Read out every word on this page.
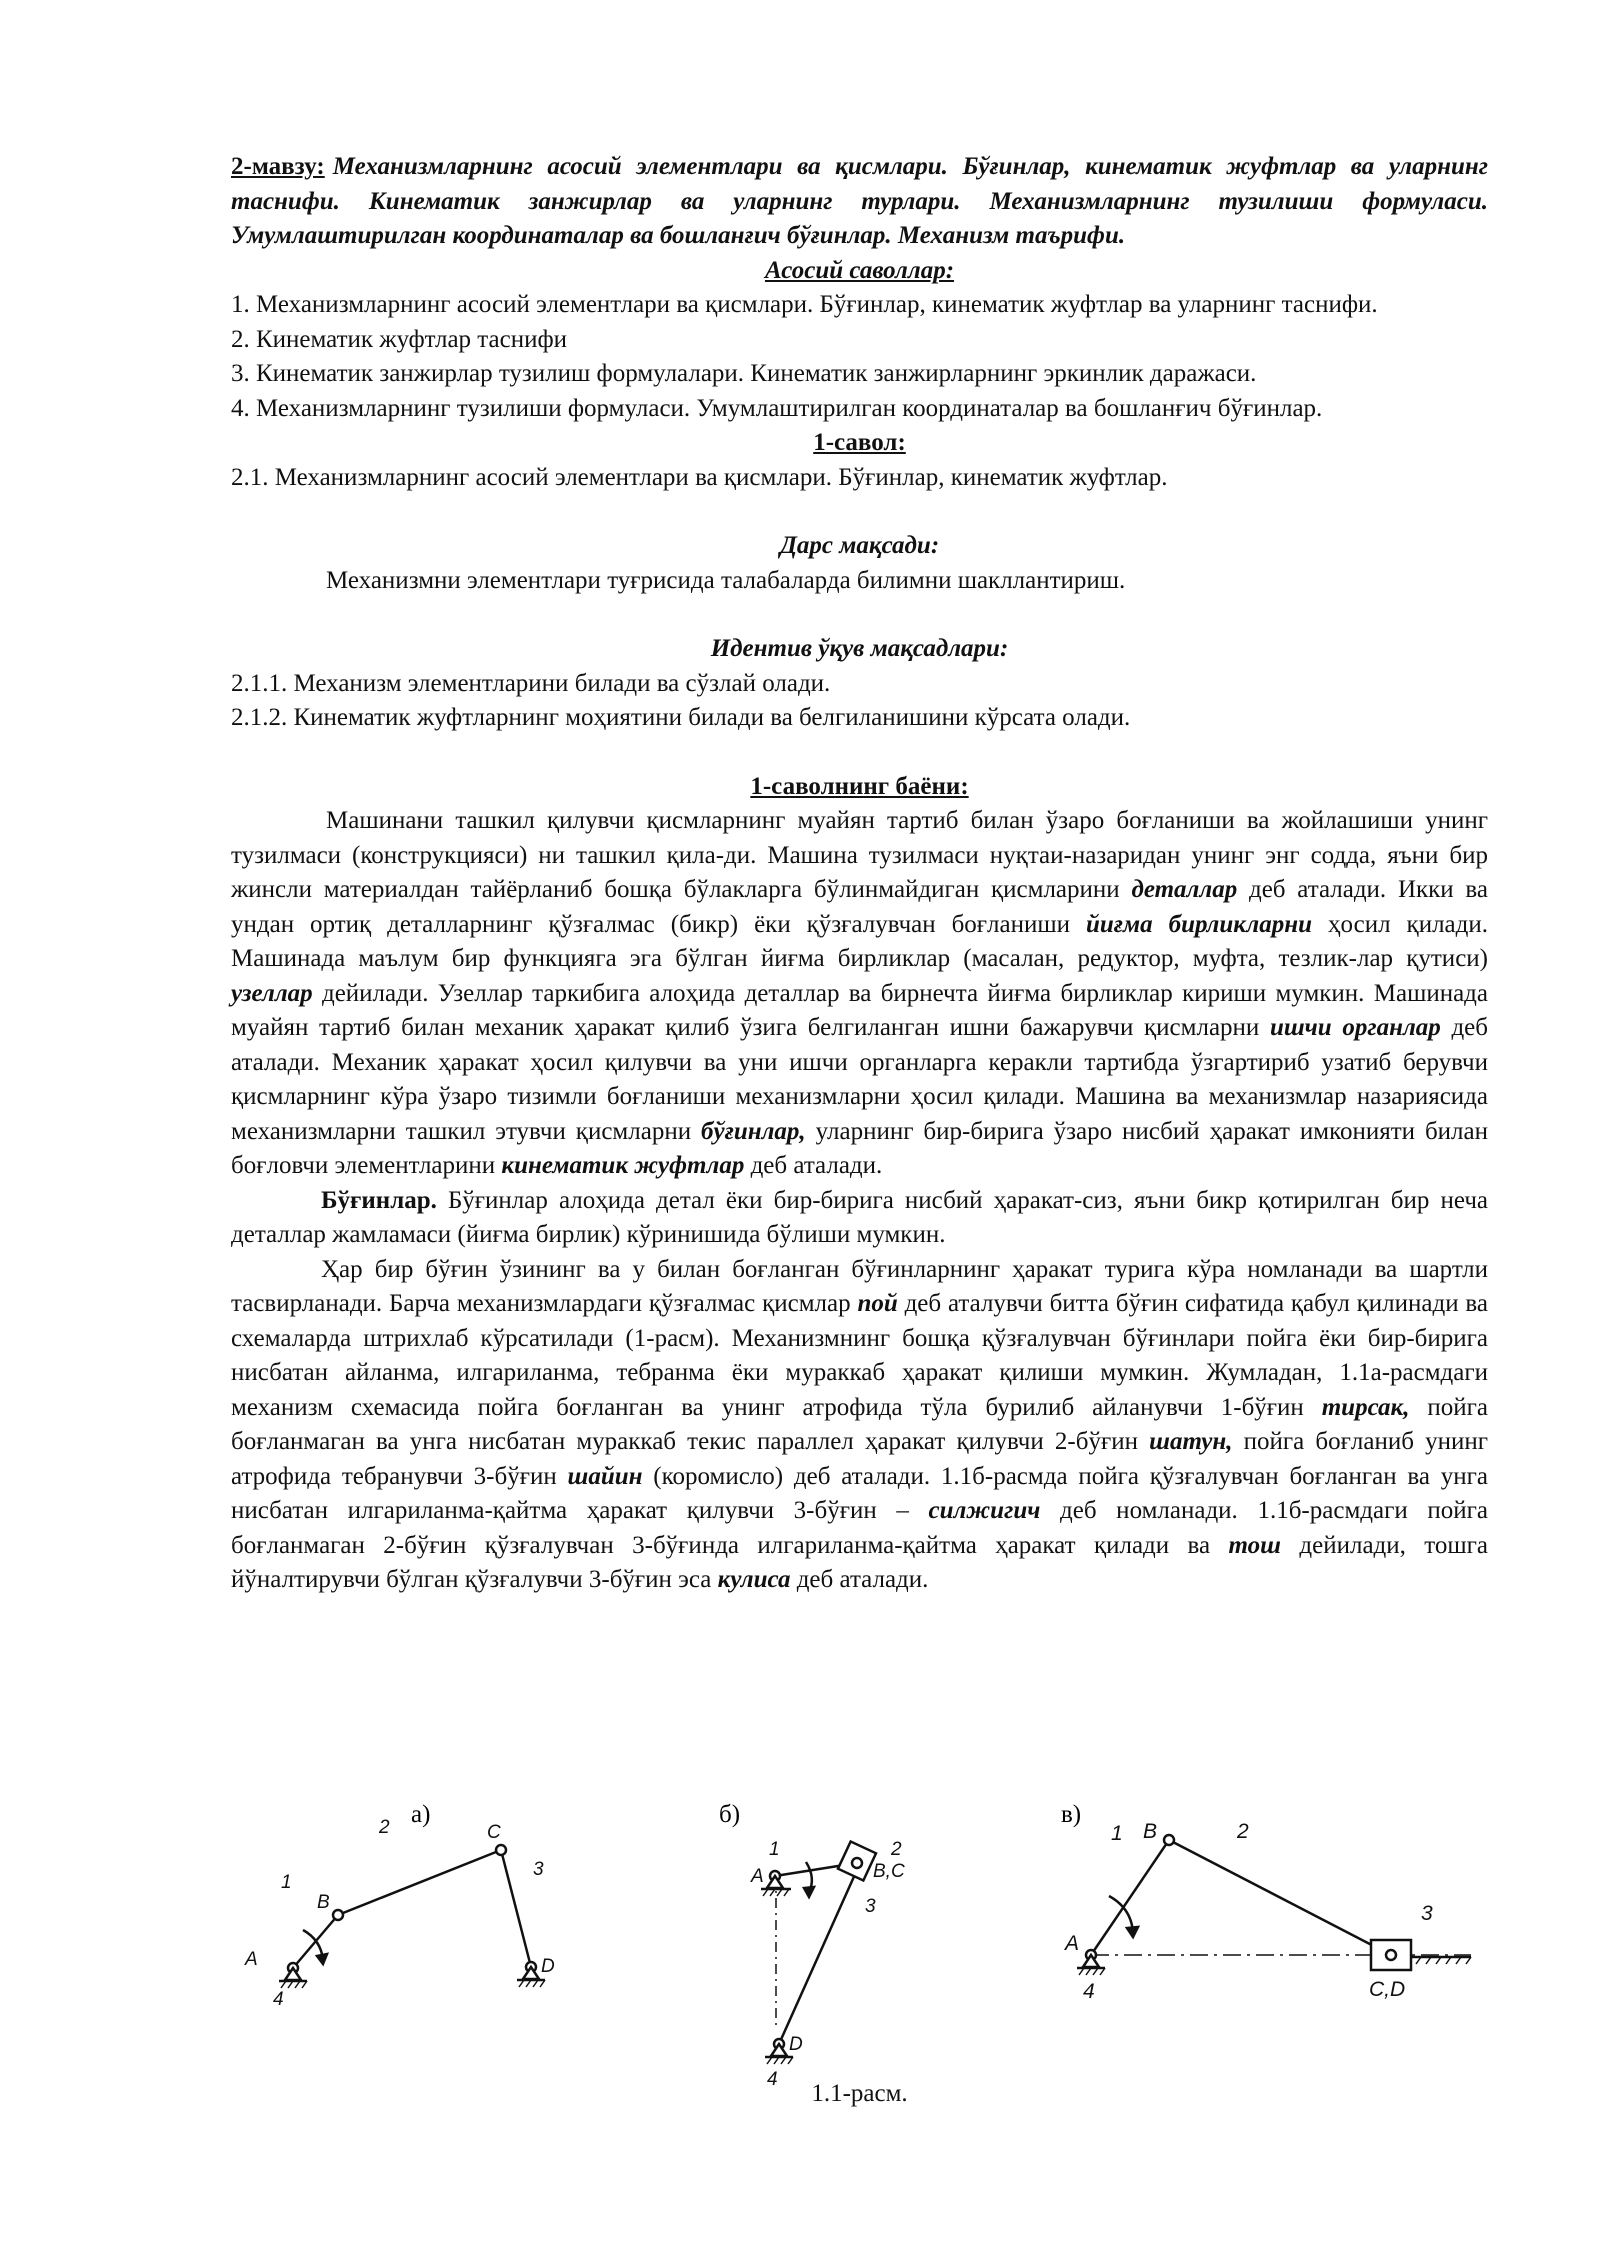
2-мавзу: Механизмларнинг асосий элементлари ва қисмлари. Бўғинлар, кинематик жуфтлар ва уларнинг таснифи. Кинематик занжирлар ва уларнинг турлари. Механизмларнинг тузилиши формуласи. Умумлаштирилган координаталар ва бошланғич бўғинлар. Механизм таърифи.
Асосий саволлар:
1. Механизмларнинг асосий элементлари ва қисмлари. Бўғинлар, кинематик жуфтлар ва уларнинг таснифи.
2. Кинематик жуфтлар таснифи
3. Кинематик занжирлар тузилиш формулалари. Кинематик занжирларнинг эркинлик даражаси.
4. Механизмларнинг тузилиши формуласи. Умумлаштирилган координаталар ва бошланғич бўғинлар.
1-савол:
2.1. Механизмларнинг асосий элементлари ва қисмлари. Бўғинлар, кинематик жуфтлар.
Дарс мақсади:
Механизмни элементлари туғрисида талабаларда билимни шакллантириш.
Идентив ўқув мақсадлари:
2.1.1. Механизм элементларини билади ва сўзлай олади.
2.1.2. Кинематик жуфтларнинг моҳиятини билади ва белгиланишини кўрсата олади.
1-саволнинг баёни:

Машинани ташкил қилувчи қисмларнинг муайян тартиб билан ўзаро боғланиши ва жойлашиши унинг тузилмаси (конструкцияси) ни ташкил қила-ди. Машина тузилмаси нуқтаи-назаридан унинг энг содда, яъни бир жинсли материалдан тайёрланиб бошқа бўлакларга бўлинмайдиган қисмларини деталлар деб аталади. Икки ва ундан ортиқ деталларнинг қўзғалмас (бикр) ёки қўзғалувчан боғланиши йиғма бирликларни ҳосил қилади. Машинада маълум бир функцияга эга бўлган йиғма бирликлар (масалан, редуктор, муфта, тезлик-лар қутиси) узеллар дейилади. Узеллар таркибига алоҳида деталлар ва бирнечта йиғма бирликлар кириши мумкин. Машинада муайян тартиб билан механик ҳаракат қилиб ўзига белгиланган ишни бажарувчи қисмларни ишчи органлар деб аталади. Механик ҳаракат ҳосил қилувчи ва уни ишчи органларга керакли тартибда ўзгартириб узатиб берувчи қисмларнинг кўра ўзаро тизимли боғланиши механизмларни ҳосил қилади. Машина ва механизмлар назариясида механизмларни ташкил этувчи қисмларни бўғинлар, уларнинг бир-бирига ўзаро нисбий ҳаракат имконияти билан боғловчи элементларини кинематик жуфтлар деб аталади.

Бўғинлар. Бўғинлар алоҳида детал ёки бир-бирига нисбий ҳаракат-сиз, яъни бикр қотирилган бир неча деталлар жамламаси (йиғма бирлик) кўринишида бўлиши мумкин.

Ҳар бир бўғин ўзининг ва у билан боғланган бўғинларнинг ҳаракат турига кўра номланади ва шартли тасвирланади. Барча механизмлардаги қўзғалмас қисмлар пой деб аталувчи битта бўғин сифатида қабул қилинади ва схемаларда штрихлаб кўрсатилади (1-расм). Механизмнинг бошқа қўзғалувчан бўғинлари пойга ёки бир-бирига нисбатан айланма, илгариланма, тебранма ёки мураккаб ҳаракат қилиши мумкин. Жумладан, 1.1а-расмдаги механизм схемасида пойга боғланган ва унинг атрофида тўла бурилиб айланувчи 1-бўғин тирсак, пойга боғланмаган ва унга нисбатан мураккаб текис параллел ҳаракат қилувчи 2-бўғин шатун, пойга боғланиб унинг атрофида тебранувчи 3-бўғин шайин (коромисло) деб аталади. 1.1б-расмда пойга қўзғалувчан боғланган ва унга нисбатан илгариланма-қайтма ҳаракат қилувчи 3-бўғин – силжигич деб номланади. 1.1б-расмдаги пойга боғланмаган 2-бўғин қўзғалувчан 3-бўғинда илгариланма-қайтма ҳаракат қилади ва тош дейилади, тошга йўналтирувчи бўлган қўзғалувчи 3-бўғин эса кулиса деб аталади.

а)	б)	в)
1
2
3
4
A
B
C
D
1	2
3
4
A	B,C
D
1	2
3
4
A
B
C,D
1.1-расм.
